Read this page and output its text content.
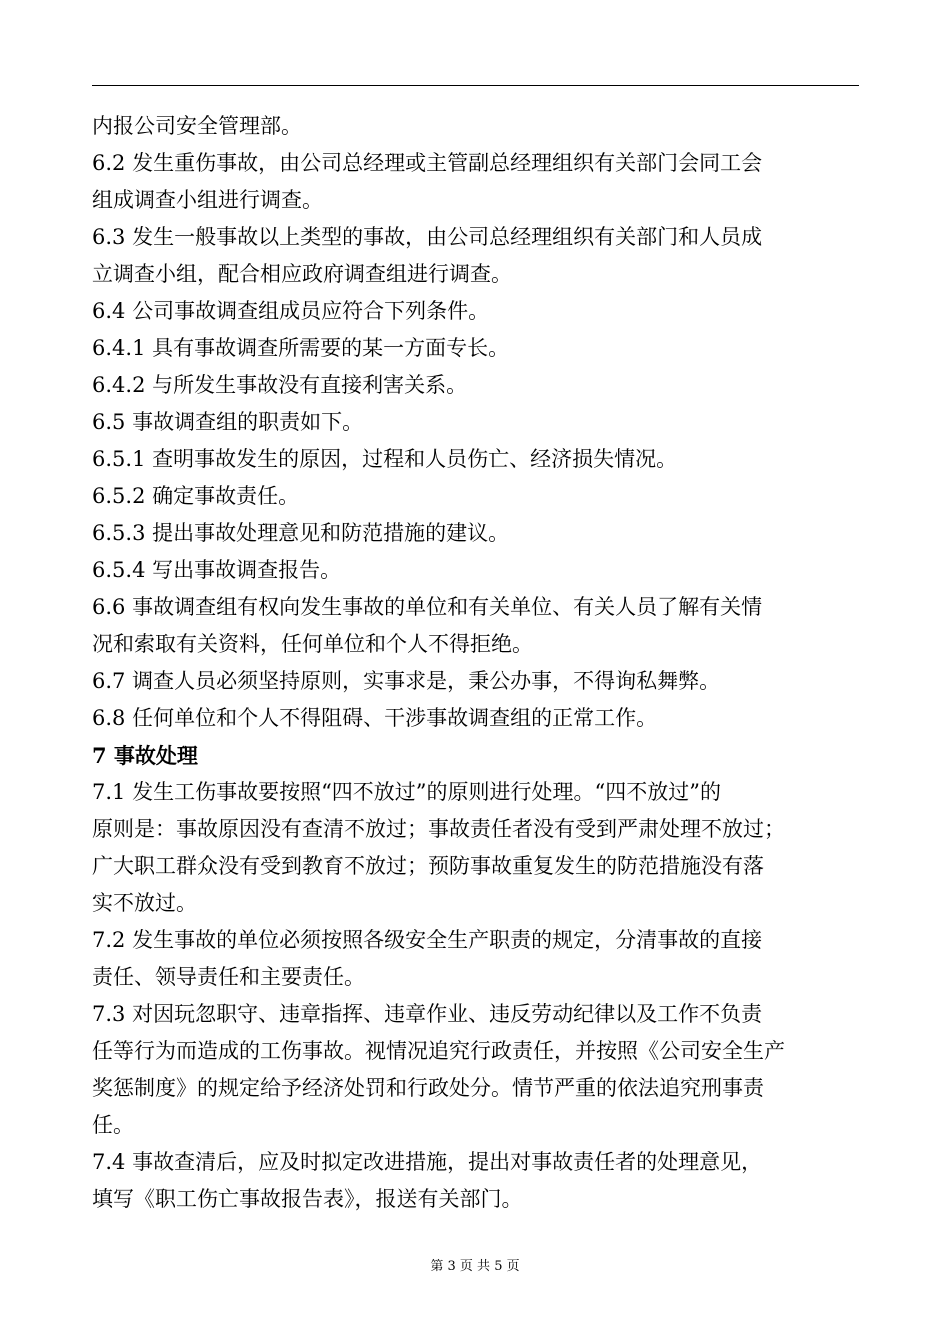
内报公司安全管理部。
6.2 发生重伤事故，由公司总经理或主管副总经理组织有关部门会同工会
组成调查小组进行调查。
6.3 发生一般事故以上类型的事故，由公司总经理组织有关部门和人员成
立调查小组，配合相应政府调查组进行调查。
6.4 公司事故调查组成员应符合下列条件。
6.4.1 具有事故调查所需要的某一方面专长。
6.4.2 与所发生事故没有直接利害关系。
6.5 事故调查组的职责如下。
6.5.1 查明事故发生的原因，过程和人员伤亡、经济损失情况。
6.5.2 确定事故责任。
6.5.3 提出事故处理意见和防范措施的建议。
6.5.4 写出事故调查报告。
6.6 事故调查组有权向发生事故的单位和有关单位、有关人员了解有关情
况和索取有关资料，任何单位和个人不得拒绝。
6.7 调查人员必须坚持原则，实事求是，秉公办事，不得询私舞弊。
6.8 任何单位和个人不得阻碍、干涉事故调查组的正常工作。
7 事故处理
7.1 发生工伤事故要按照“四不放过”的原则进行处理。“四不放过”的
原则是：事故原因没有查清不放过；事故责任者没有受到严肃处理不放过；
广大职工群众没有受到教育不放过；预防事故重复发生的防范措施没有落
实不放过。
7.2 发生事故的单位必须按照各级安全生产职责的规定，分清事故的直接
责任、领导责任和主要责任。
7.3 对因玩忽职守、违章指挥、违章作业、违反劳动纪律以及工作不负责
任等行为而造成的工伤事故。视情况追究行政责任，并按照《公司安全生产
奖惩制度》的规定给予经济处罚和行政处分。情节严重的依法追究刑事责
任。
7.4 事故查清后，应及时拟定改进措施，提出对事故责任者的处理意见，
填写《职工伤亡事故报告表》，报送有关部门。
第 3 页 共 5 页
